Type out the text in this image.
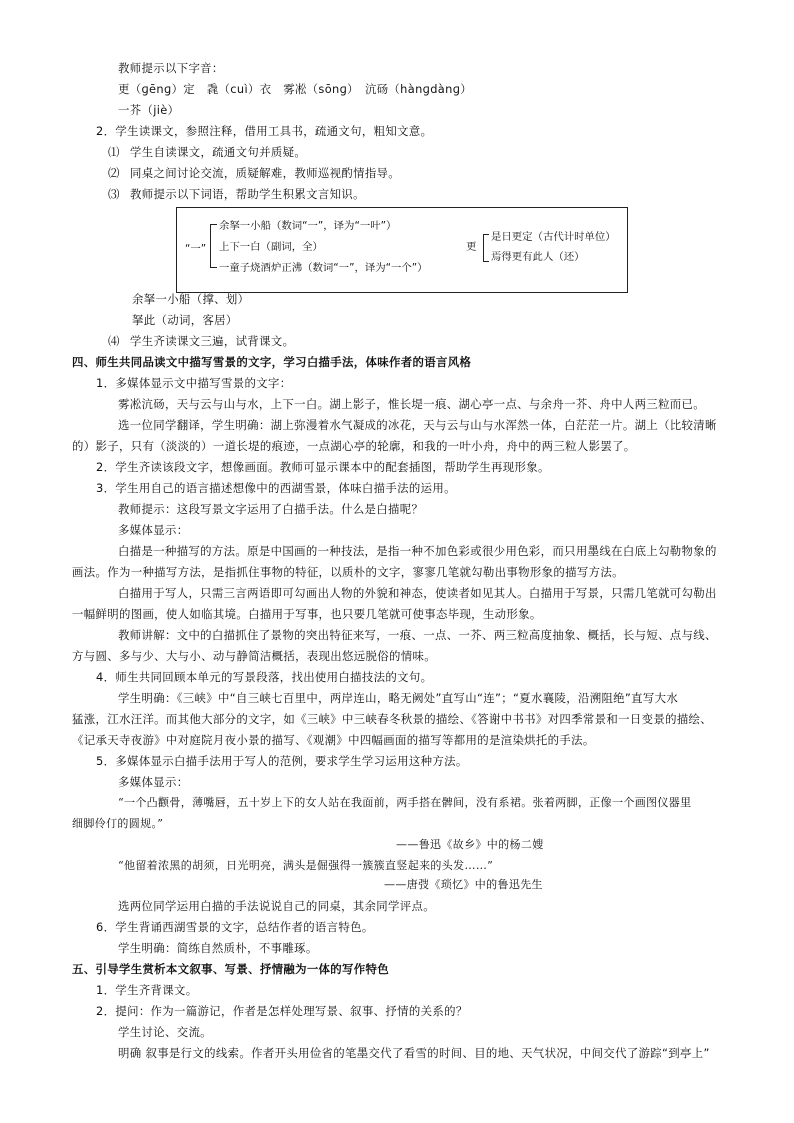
教师提示以下字音：
更（ɡēnɡ）定　毳（cuì）衣　雾凇（sōnɡ）　沆砀（hànɡdànɡ）
一芥（jiè）
2．学生读课文，参照注释，借用工具书，疏通文句，粗知文意。
⑴ 学生自读课文，疏通文句并质疑。
⑵ 同桌之间讨论交流，质疑解难，教师巡视酌情指导。
⑶ 教师提示以下词语，帮助学生积累文言知识。
余拏一小船（撑、划）
拏此（动词，客居）
⑷ 学生齐读课文三遍，试背课文。
四、师生共同品读文中描写雪景的文字，学习白描手法，体味作者的语言风格
1．多媒体显示文中描写雪景的文字：
雾凇沆砀，天与云与山与水，上下一白。湖上影子，惟长堤一痕、湖心亭一点、与余舟一芥、舟中人两三粒而已。
选一位同学翻译，学生明确：湖上弥漫着水气凝成的冰花，天与云与山与水浑然一体，白茫茫一片。湖上（比较清晰
的）影子，只有（淡淡的）一道长堤的痕迹，一点湖心亭的轮廓，和我的一叶小舟，舟中的两三粒人影罢了。
2．学生齐读该段文字，想像画面。教师可显示课本中的配套插图，帮助学生再现形象。
3．学生用自己的语言描述想像中的西湖雪景，体味白描手法的运用。
教师提示：这段写景文字运用了白描手法。什么是白描呢？
多媒体显示：
白描是一种描写的方法。原是中国画的一种技法，是指一种不加色彩或很少用色彩，而只用墨线在白底上勾勒物象的
画法。作为一种描写方法，是指抓住事物的特征，以质朴的文字，寥寥几笔就勾勒出事物形象的描写方法。
白描用于写人，只需三言两语即可勾画出人物的外貌和神态，使读者如见其人。白描用于写景，只需几笔就可勾勒出
一幅鲜明的图画，使人如临其境。白描用于写事，也只要几笔就可使事态毕现，生动形象。
教师讲解：文中的白描抓住了景物的突出特征来写，一痕、一点、一芥、两三粒高度抽象、概括，长与短、点与线、
方与圆、多与少、大与小、动与静简洁概括，表现出悠远脱俗的情味。
4．师生共同回顾本单元的写景段落，找出使用白描技法的文句。
学生明确：《三峡》中“自三峡七百里中，两岸连山，略无阙处”直写山“连”；“夏水襄陵，沿溯阻绝”直写大水
猛涨，江水汪洋。而其他大部分的文字，如《三峡》中三峡春冬秋景的描绘、《答谢中书书》对四季常景和一日变景的描绘、
《记承天寺夜游》中对庭院月夜小景的描写、《观潮》中四幅画面的描写等都用的是渲染烘托的手法。
5．多媒体显示白描手法用于写人的范例，要求学生学习运用这种方法。
多媒体显示：
“一个凸颧骨，薄嘴唇，五十岁上下的女人站在我面前，两手搭在髀间，没有系裙。张着两脚，正像一个画图仪器里
细脚伶仃的圆规。”
——鲁迅《故乡》中的杨二嫂
“他留着浓黑的胡须，日光明亮，满头是倔强得一簇簇直竖起来的头发……”
——唐弢《琐忆》中的鲁迅先生
选两位同学运用白描的手法说说自己的同桌，其余同学评点。
6．学生背诵西湖雪景的文字，总结作者的语言特色。
学生明确：简练自然质朴，不事雕琢。
五、引导学生赏析本文叙事、写景、抒情融为一体的写作特色
1．学生齐背课文。
2．提问：作为一篇游记，作者是怎样处理写景、叙事、抒情的关系的？
学生讨论、交流。
明确 叙事是行文的线索。作者开头用俭省的笔墨交代了看雪的时间、目的地、天气状况，中间交代了游踪“到亭上”
“一”
余拏一小船（数词“一”，译为“一叶”）
上下一白（副词，全）
一童子烧酒炉正沸（数词“一”，译为“一个”）
更
是日更定（古代计时单位）
焉得更有此人（还）
